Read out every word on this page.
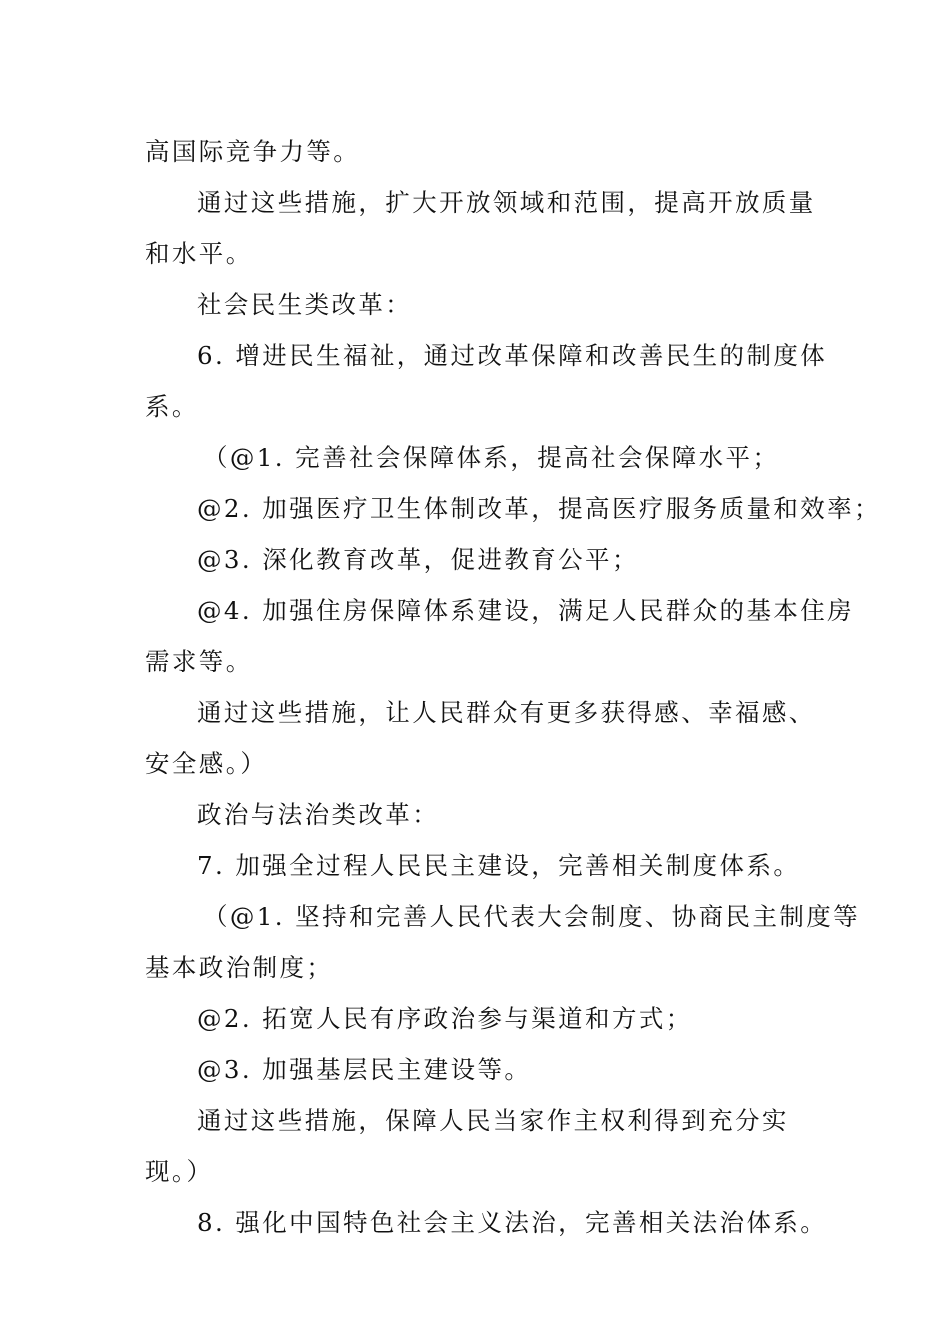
高国际竞争力等。
通过这些措施，扩大开放领域和范围，提高开放质量
和水平。
社会民生类改革：
6. 增进民生福祉，通过改革保障和改善民生的制度体
系。
（@1. 完善社会保障体系，提高社会保障水平；
@2. 加强医疗卫生体制改革，提高医疗服务质量和效率；
@3. 深化教育改革，促进教育公平；
@4. 加强住房保障体系建设，满足人民群众的基本住房
需求等。
通过这些措施，让人民群众有更多获得感、幸福感、
安全感。）
政治与法治类改革：
7. 加强全过程人民民主建设，完善相关制度体系。
（@1. 坚持和完善人民代表大会制度、协商民主制度等
基本政治制度；
@2. 拓宽人民有序政治参与渠道和方式；
@3. 加强基层民主建设等。
通过这些措施，保障人民当家作主权利得到充分实
现。）
8. 强化中国特色社会主义法治，完善相关法治体系。
